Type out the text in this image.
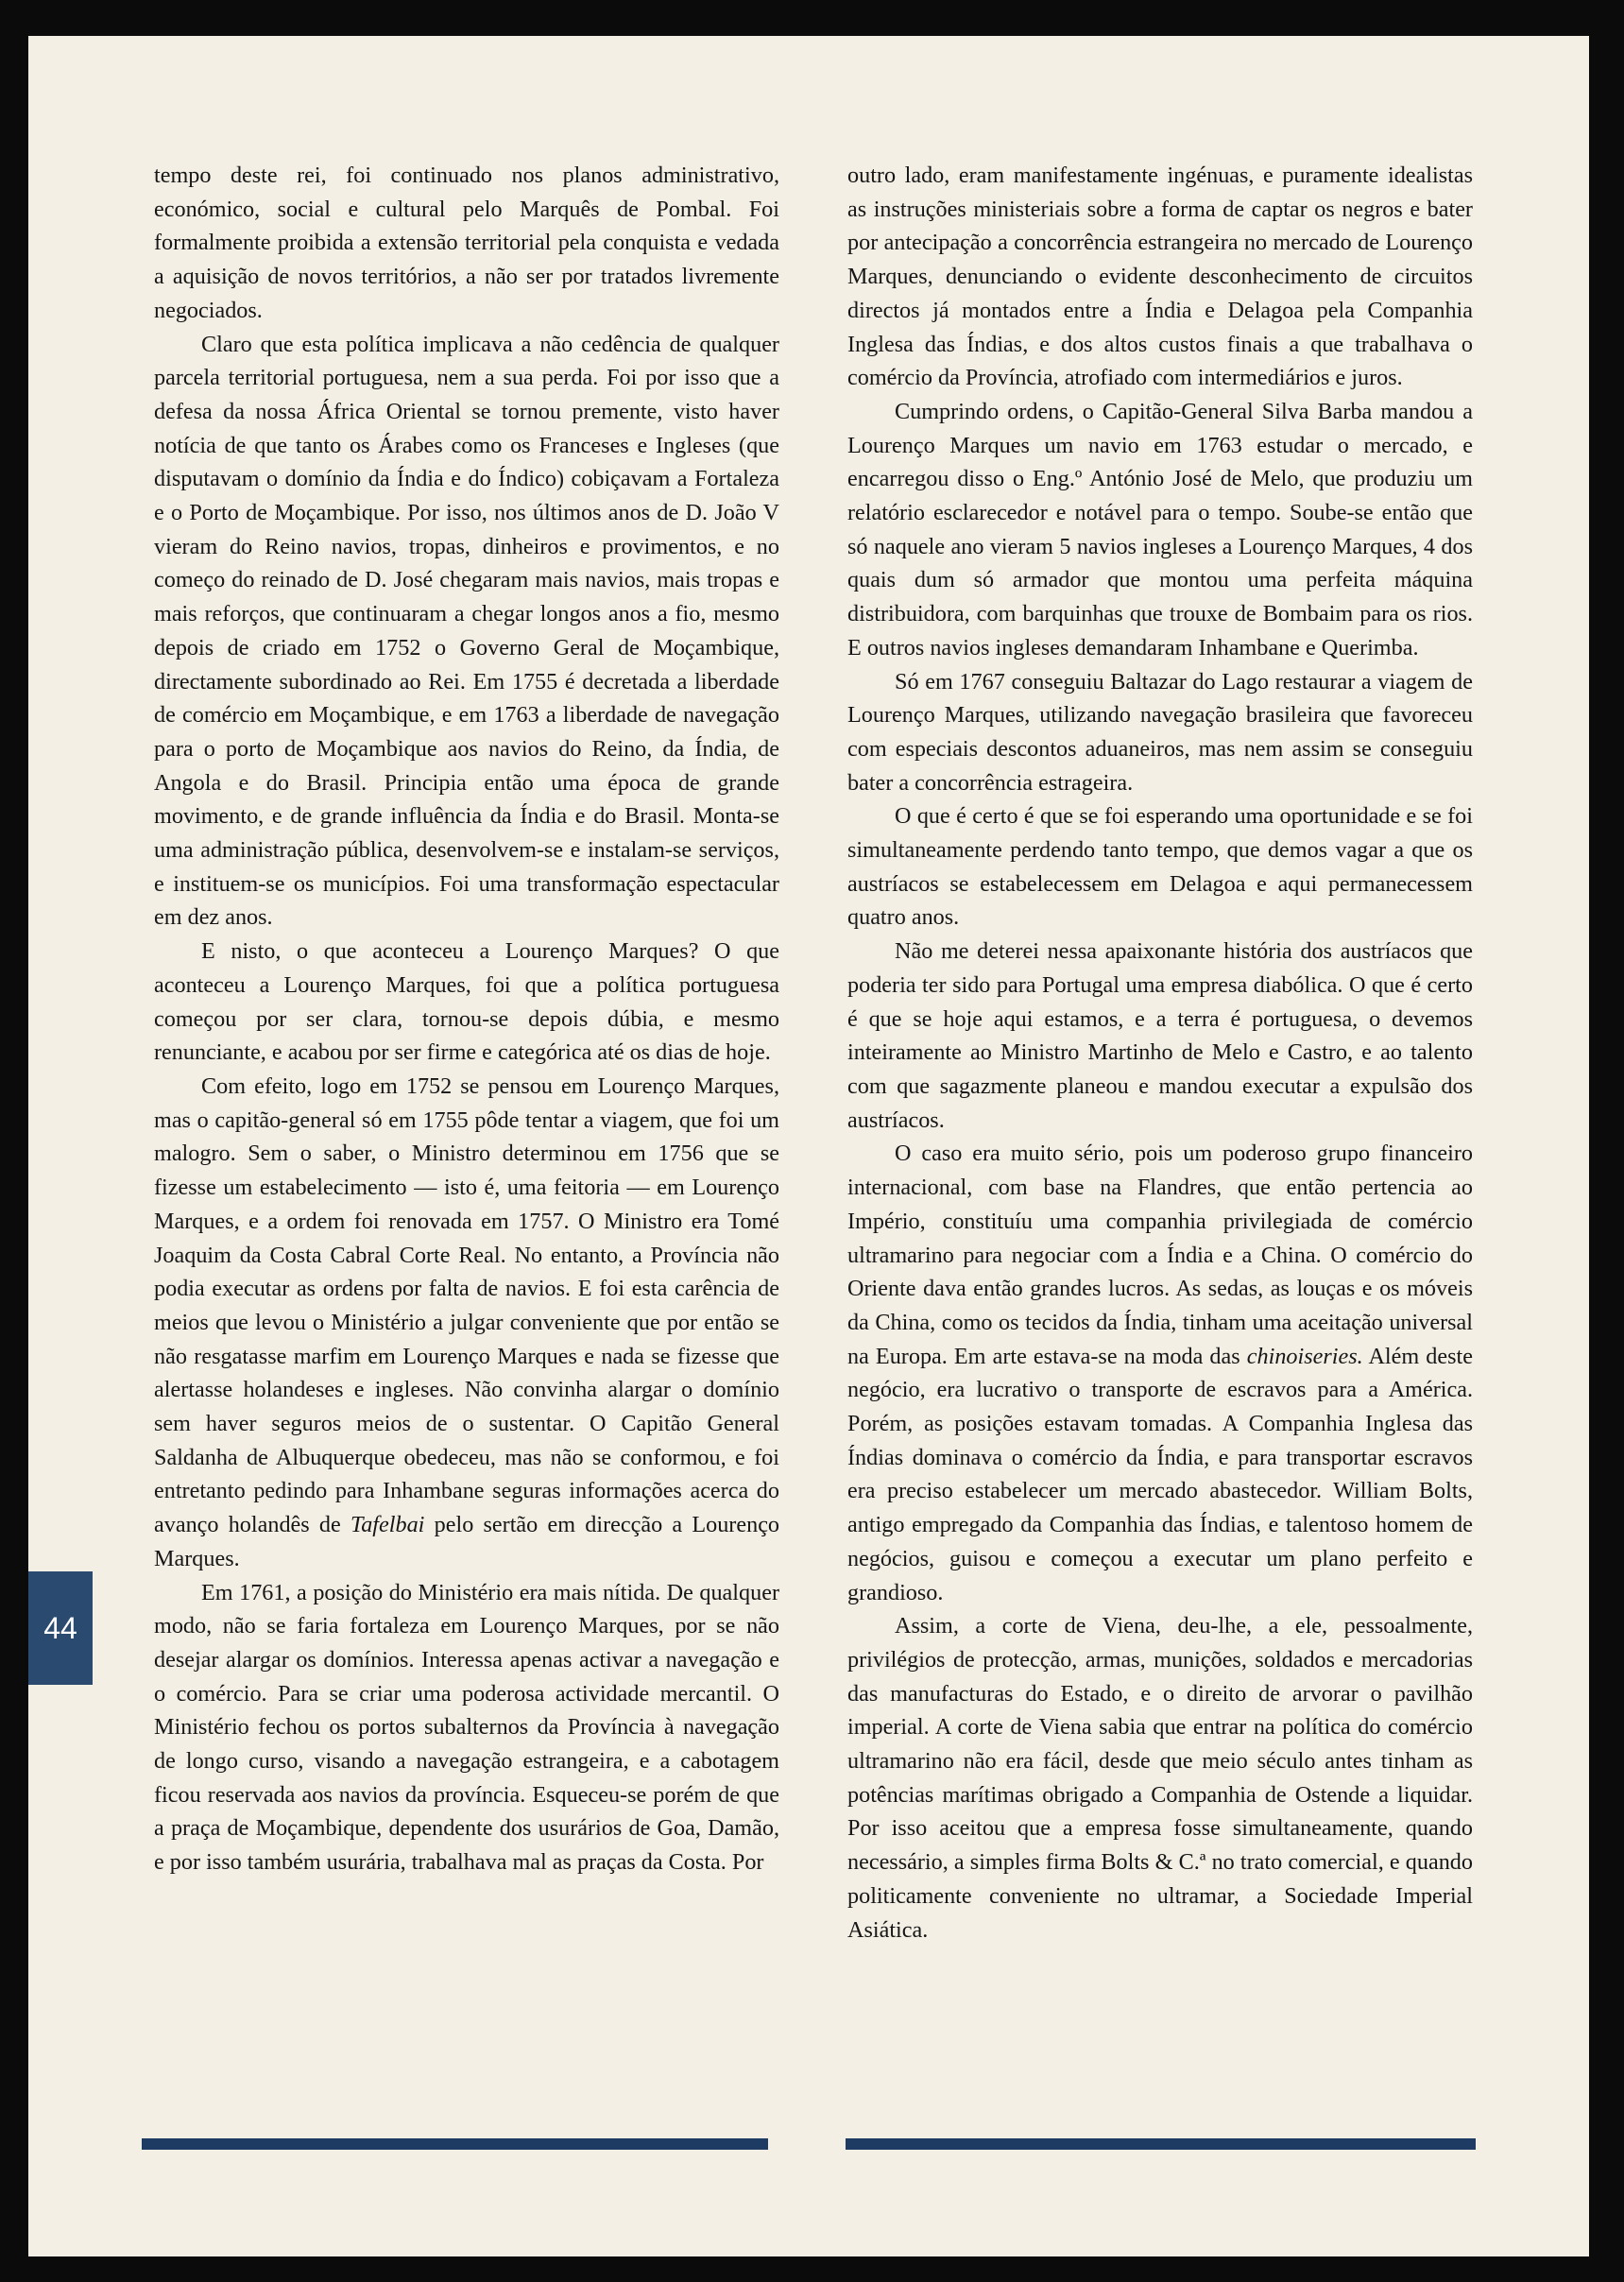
tempo deste rei, foi continuado nos planos administrativo, económico, social e cultural pelo Marquês de Pombal. Foi formalmente proibida a extensão territorial pela conquista e vedada a aquisição de novos territórios, a não ser por tratados livremente negociados.

Claro que esta política implicava a não cedência de qualquer parcela territorial portuguesa, nem a sua perda. Foi por isso que a defesa da nossa África Oriental se tornou premente, visto haver notícia de que tanto os Árabes como os Franceses e Ingleses (que disputavam o domínio da Índia e do Índico) cobiçavam a Fortaleza e o Porto de Moçambique. Por isso, nos últimos anos de D. João V vieram do Reino navios, tropas, dinheiros e provimentos, e no começo do reinado de D. José chegaram mais navios, mais tropas e mais reforços, que continuaram a chegar longos anos a fio, mesmo depois de criado em 1752 o Governo Geral de Moçambique, directamente subordinado ao Rei. Em 1755 é decretada a liberdade de comércio em Moçambique, e em 1763 a liberdade de navegação para o porto de Moçambique aos navios do Reino, da Índia, de Angola e do Brasil. Principia então uma época de grande movimento, e de grande influência da Índia e do Brasil. Monta-se uma administração pública, desenvolvem-se e instalam-se serviços, e instituem-se os municípios. Foi uma transformação espectacular em dez anos.

E nisto, o que aconteceu a Lourenço Marques? O que aconteceu a Lourenço Marques, foi que a política portuguesa começou por ser clara, tornou-se depois dúbia, e mesmo renunciante, e acabou por ser firme e categórica até os dias de hoje.

Com efeito, logo em 1752 se pensou em Lourenço Marques, mas o capitão-general só em 1755 pôde tentar a viagem, que foi um malogro. Sem o saber, o Ministro determinou em 1756 que se fizesse um estabelecimento — isto é, uma feitoria — em Lourenço Marques, e a ordem foi renovada em 1757. O Ministro era Tomé Joaquim da Costa Cabral Corte Real. No entanto, a Província não podia executar as ordens por falta de navios. E foi esta carência de meios que levou o Ministério a julgar conveniente que por então se não resgatasse marfim em Lourenço Marques e nada se fizesse que alertasse holandeses e ingleses. Não convinha alargar o domínio sem haver seguros meios de o sustentar. O Capitão General Saldanha de Albuquerque obedeceu, mas não se conformou, e foi entretanto pedindo para Inhambane seguras informações acerca do avanço holandês de Tafelbai pelo sertão em direcção a Lourenço Marques.

Em 1761, a posição do Ministério era mais nítida. De qualquer modo, não se faria fortaleza em Lourenço Marques, por se não desejar alargar os domínios. Interessa apenas activar a navegação e o comércio. Para se criar uma poderosa actividade mercantil. O Ministério fechou os portos subalternos da Província à navegação de longo curso, visando a navegação estrangeira, e a cabotagem ficou reservada aos navios da província. Esqueceu-se porém de que a praça de Moçambique, dependente dos usurários de Goa, Damão, e por isso também usurária, trabalhava mal as praças da Costa. Por

outro lado, eram manifestamente ingénuas, e puramente idealistas as instruções ministeriais sobre a forma de captar os negros e bater por antecipação a concorrência estrangeira no mercado de Lourenço Marques, denunciando o evidente desconhecimento de circuitos directos já montados entre a Índia e Delagoa pela Companhia Inglesa das Índias, e dos altos custos finais a que trabalhava o comércio da Província, atrofiado com intermediários e juros.

Cumprindo ordens, o Capitão-General Silva Barba mandou a Lourenço Marques um navio em 1763 estudar o mercado, e encarregou disso o Eng.º António José de Melo, que produziu um relatório esclarecedor e notável para o tempo. Soube-se então que só naquele ano vieram 5 navios ingleses a Lourenço Marques, 4 dos quais dum só armador que montou uma perfeita máquina distribuidora, com barquinhas que trouxe de Bombaim para os rios. E outros navios ingleses demandaram Inhambane e Querimba.

Só em 1767 conseguiu Baltazar do Lago restaurar a viagem de Lourenço Marques, utilizando navegação brasileira que favoreceu com especiais descontos aduaneiros, mas nem assim se conseguiu bater a concorrência estrageira.

O que é certo é que se foi esperando uma oportunidade e se foi simultaneamente perdendo tanto tempo, que demos vagar a que os austríacos se estabelecessem em Delagoa e aqui permanecessem quatro anos.

Não me deterei nessa apaixonante história dos austríacos que poderia ter sido para Portugal uma empresa diabólica. O que é certo é que se hoje aqui estamos, e a terra é portuguesa, o devemos inteiramente ao Ministro Martinho de Melo e Castro, e ao talento com que sagazmente planeou e mandou executar a expulsão dos austríacos.

O caso era muito sério, pois um poderoso grupo financeiro internacional, com base na Flandres, que então pertencia ao Império, constituíu uma companhia privilegiada de comércio ultramarino para negociar com a Índia e a China. O comércio do Oriente dava então grandes lucros. As sedas, as louças e os móveis da China, como os tecidos da Índia, tinham uma aceitação universal na Europa. Em arte estava-se na moda das chinoiseries. Além deste negócio, era lucrativo o transporte de escravos para a América. Porém, as posições estavam tomadas. A Companhia Inglesa das Índias dominava o comércio da Índia, e para transportar escravos era preciso estabelecer um mercado abastecedor. William Bolts, antigo empregado da Companhia das Índias, e talentoso homem de negócios, guisou e começou a executar um plano perfeito e grandioso.

Assim, a corte de Viena, deu-lhe, a ele, pessoalmente, privilégios de protecção, armas, munições, soldados e mercadorias das manufacturas do Estado, e o direito de arvorar o pavilhão imperial. A corte de Viena sabia que entrar na política do comércio ultramarino não era fácil, desde que meio século antes tinham as potências marítimas obrigado a Companhia de Ostende a liquidar. Por isso aceitou que a empresa fosse simultaneamente, quando necessário, a simples firma Bolts & C.ª no trato comercial, e quando politicamente conveniente no ultramar, a Sociedade Imperial Asiática.

44
